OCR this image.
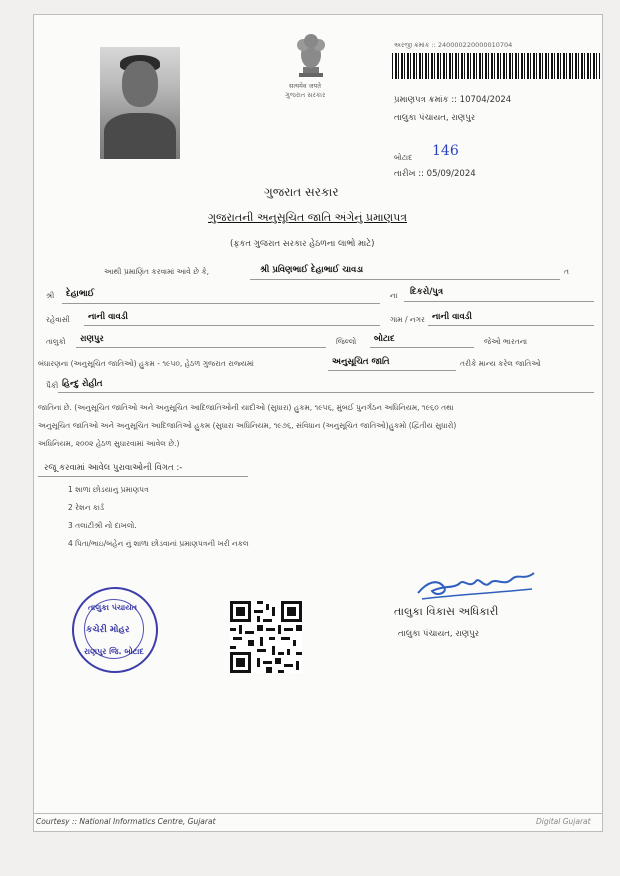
सत्यमेव जयते
ગુજરાત સરકાર
અરજી ક્રમાંક :: 240000220000010704
પ્રમાણપત્ર ક્રમાંક :: 10704/2024
તાલુકા પંચાયત, રાણપુર
બોટાદ 146
તારીખ :: 05/09/2024
ગુજરાત સરકાર
ગુજરાતની અનુસૂચિત જાતિ અંગેનું પ્રમાણપત્ર
(ફકત ગુજરાત સરકાર હેઠળના લાભો માટે)
આથી પ્રમાણિત કરવામાં આવે છે કે,	શ્રી પ્રવિણભાઈ દેહાભાઈ ચાવડા	ત
શ્રી દેહાભાઈ	ના દિકરો/પુત્ર
રહેવાસી નાની વાવડી	ગામ / નગર નાની વાવડી
તાલુકો રાણપુર	જિલ્લો બોટાદ	જેઓ ભારતના
બંધારણના (અનુસૂચિત જાતિઓ) હુકમ - ૧૯૫૦, હેઠળ ગુજરાત રાજ્યમાં	અનુસૂચિત જાતિ	તરીકે માન્ય કરેલ જાતિઓ
પૈકી હિન્દુ રોહીત
જાતિના છે. (અનુસૂચિત જાતિઓ અને અનુસૂચિત આદિજાતિઓની યાદીઓ (સુધારા) હુકમ, ૧૯૫૬, મુંબઈ પુનર્ગઠન અધિનિયમ, ૧૯૬૦ તથા
અનુસૂચિત જાતિઓ અને અનુસૂચિત આદિજાતિઓ હુકમ (સુધારા અધિનિયમ, ૧૯૭૬, સંવિધાન (અનુસૂચિત જાતિઓ)હુકમો (દ્વિતીય સુધારો)
અધિનિયમ, ૨૦૦૨ હેઠળ સુધારવામાં આવેલ છે.)
રજૂ કરવામાં આવેલ પુરાવાઓની વિગત :-
1 શાળા છોડયાનુ પ્રમાણપત્ર
2 રેશન કાર્ડ
3 તલાટીશ્રી નો દાખલો.
4 પિતા/ભાઇ/બહેન નું શાળા છોડવાનાં પ્રમાણપત્રની ખરી નકલ
તાલુકા પંચાયત
કચેરી મોહર
રાણપુર જિ. બોટાદ
તાલુકા વિકાસ અધિકારી
તાલુકા પંચાયત, રાણપુર
Courtesy :: National Informatics Centre, Gujarat	Digital Gujarat
